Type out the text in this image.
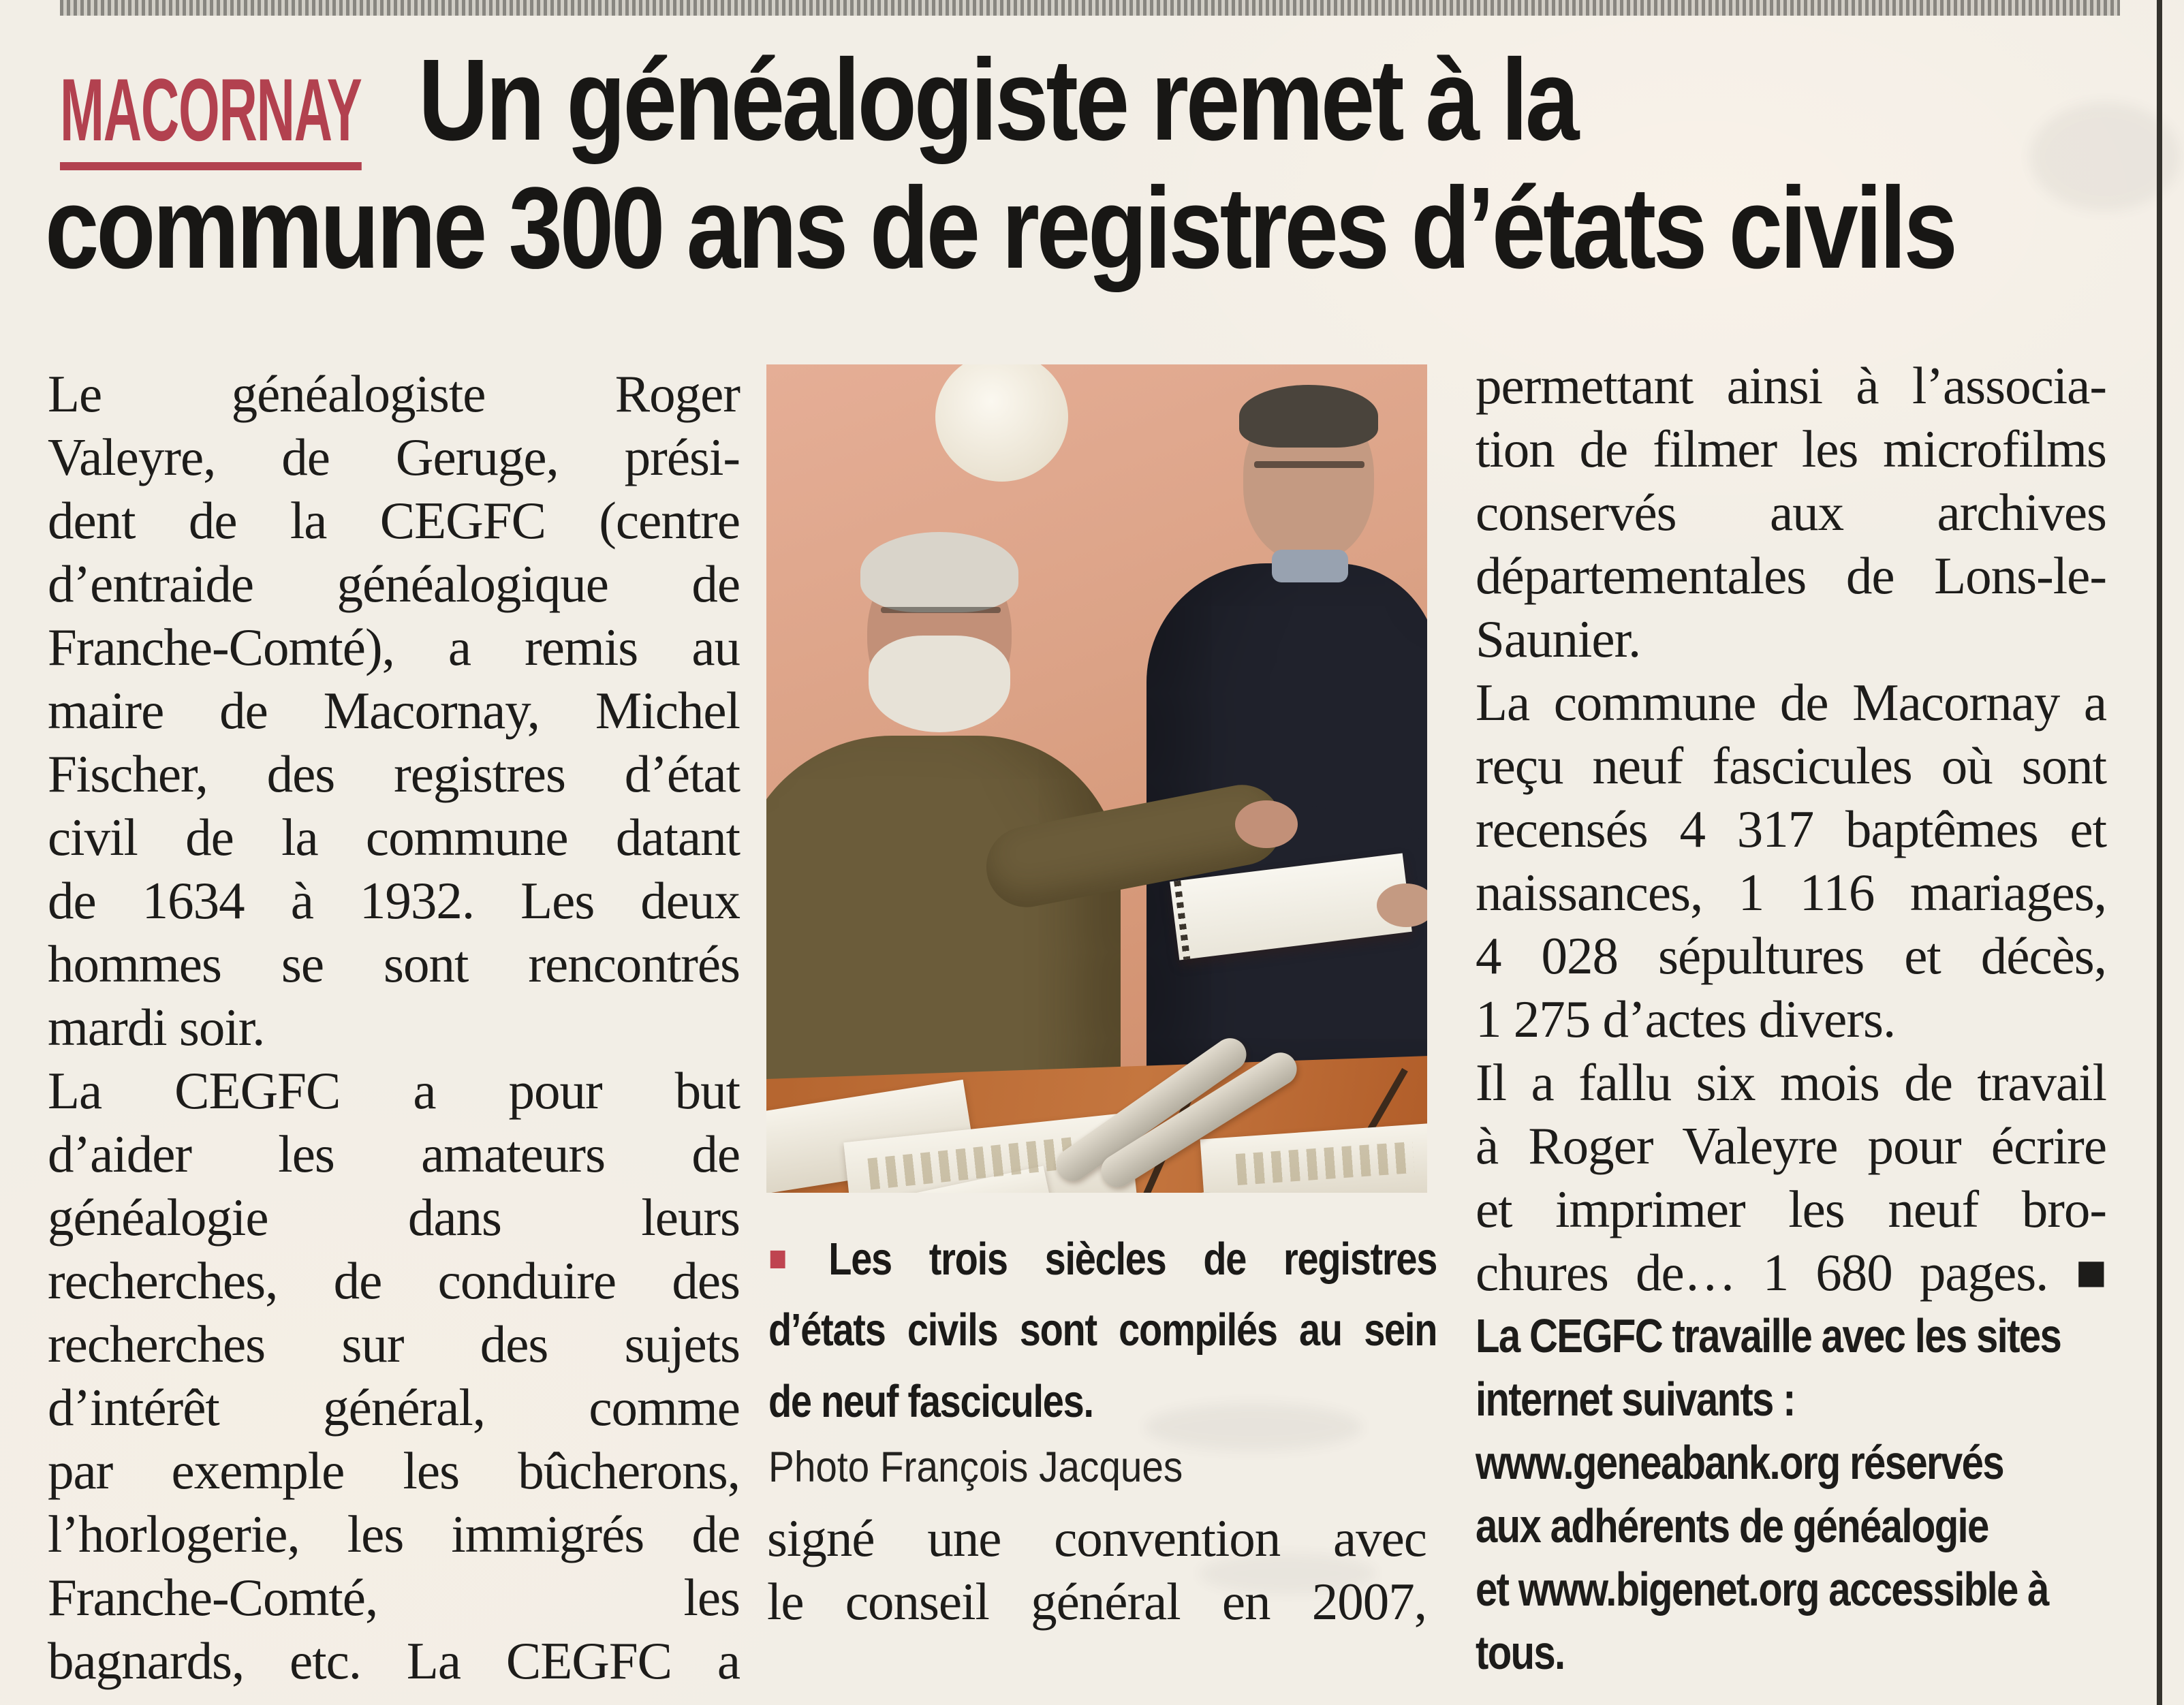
MACORNAY Un généalogiste remet à la
commune 300 ans de registres d’états civils
Le généalogiste Roger
Valeyre, de Geruge, prési-
dent de la CEGFC (centre
d’entraide généalogique de
Franche-Comté), a remis au
maire de Macornay, Michel
Fischer, des registres d’état
civil de la commune datant
de 1634 à 1932. Les deux
hommes se sont rencontrés
mardi soir.
La CEGFC a pour but
d’aider les amateurs de
généalogie dans leurs
recherches, de conduire des
recherches sur des sujets
d’intérêt général, comme
par exemple les bûcherons,
l’horlogerie, les immigrés de
Franche-Comté, les
bagnards, etc. La CEGFC a
■ Les trois siècles de registres
d’états civils sont compilés au sein
de neuf fascicules.
Photo François Jacques
signé une convention avec
le conseil général en 2007,
permettant ainsi à l’associa-
tion de filmer les microfilms
conservés aux archives
départementales de Lons-le-
Saunier.
La commune de Macornay a
reçu neuf fascicules où sont
recensés 4 317 baptêmes et
naissances, 1 116 mariages,
4 028 sépultures et décès,
1 275 d’actes divers.
Il a fallu six mois de travail
à Roger Valeyre pour écrire
et imprimer les neuf bro-
chures de… 1 680 pages. ■
La CEGFC travaille avec les sites
internet suivants :
www.geneabank.org réservés
aux adhérents de généalogie
et www.bigenet.org accessible à
tous.
